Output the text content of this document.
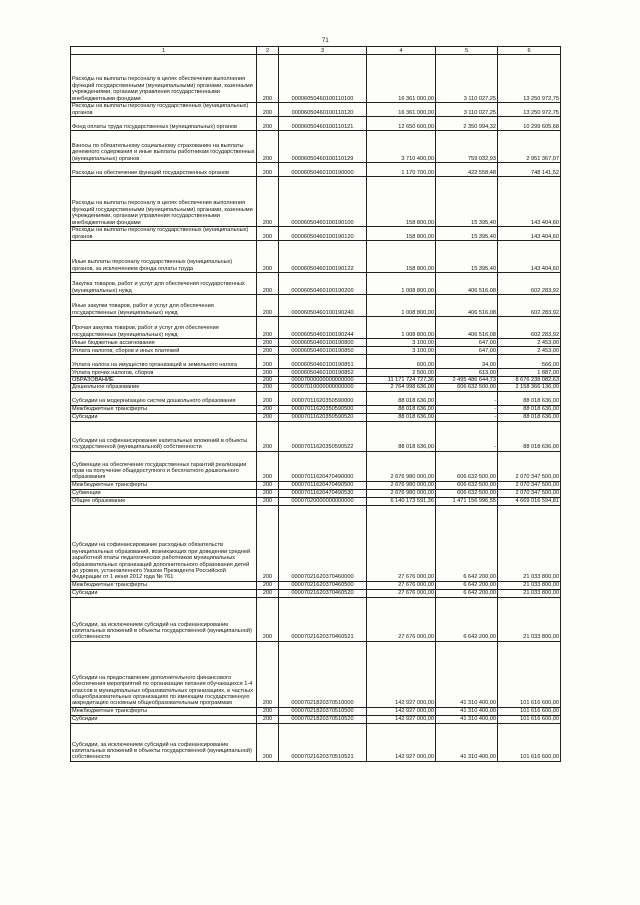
71
1	2	3	4	5	6
Расходы на выплаты персоналу в целях обеспечения выполнения функций государственными (муниципальными) органами, казенными учреждениями, органами управления государственными внебюджетными фондами	200	00006050460100110100	16 361 000,00	3 110 027,25	13 250 972,75
Расходы на выплаты персоналу государственных (муниципальных) органов	200	00006050460100110120	16 361 000,00	3 110 027,25	13 250 972,75
Фонд оплаты труда государственных (муниципальных) органов	200	00006050460100110121	12 650 600,00	2 350 994,32	10 299 605,68
Взносы по обязательному социальному страхованию на выплаты денежного содержания и иные выплаты работникам государственных (муниципальных) органов	200	00006050460100110129	3 710 400,00	759 032,93	2 951 367,07
Расходы на обеспечение функций государственных органов	200	00006050460100190000	1 170 700,00	422 558,48	748 141,52
Расходы на выплаты персоналу в целях обеспечения выполнения функций государственными (муниципальными) органами, казенными учреждениями, органами управления государственными внебюджетными фондами	200	00006050460100190100	158 800,00	15 395,40	143 404,60
Расходы на выплаты персоналу государственных (муниципальных) органов	200	00006050460100190120	158 800,00	15 395,40	143 404,60
Иные выплаты персоналу государственных (муниципальных) органов, за исключением фонда оплаты труда	200	00006050460100190122	158 800,00	15 395,40	143 404,60
Закупка товаров, работ и услуг для обеспечения государственных (муниципальных) нужд	200	00006050460100190200	1 008 800,00	406 516,08	602 283,92
Иные закупки товаров, работ и услуг для обеспечения государственных (муниципальных) нужд	200	00006050460100190240	1 008 800,00	406 516,08	602 283,92
Прочая закупка товаров, работ и услуг для обеспечения государственных (муниципальных) нужд	200	00006050460100190244	1 008 800,00	406 516,08	602 283,92
Иные бюджетные ассигнования	200	00006050460100190800	3 100,00	647,00	2 453,00
Уплата налогов, сборов и иных платежей	200	00006050460100190850	3 100,00	647,00	2 453,00
Уплата налога на имущество организаций и земельного налога	200	00006050460100190851	600,00	34,00	566,00
Уплата прочих налогов, сборов	200	00006050460100190852	2 500,00	613,00	1 887,00
ОБРАЗОВАНИЕ	200	00007000000000000000	11 171 724 727,36	2 495 486 644,73	8 676 238 082,63
Дошкольное образование	200	00007010000000000000	2 764 998 636,00	606 632 500,00	2 158 366 136,00
Субсидии на модернизацию систем дошкольного образования	200	00007011620350590000	88 018 636,00	-	88 018 636,00
Межбюджетные трансферты	200	00007011620350590500	88 018 636,00	-	88 018 636,00
Субсидии	200	00007011620350590520	88 018 636,00	-	88 018 636,00
Субсидии на софинансирование капитальных вложений в объекты государственной (муниципальной) собственности	200	00007011620350590522	88 018 636,00	-	88 018 636,00
Субвенции на обеспечение государственных гарантий реализации прав на получение общедоступного и бесплатного дошкольного образования	200	00007011620470490000	2 676 980 000,00	606 632 500,00	2 070 347 500,00
Межбюджетные трансферты	200	00007011620470490500	2 676 980 000,00	606 632 500,00	2 070 347 500,00
Субвенции	200	00007011620470490530	2 676 980 000,00	606 632 500,00	2 070 347 500,00
Общее образование	200	00007020000000000000	6 140 173 591,36	1 471 156 996,55	4 669 016 594,81
Субсидии на софинансирование расходных обязательств муниципальных образований, возникающих при доведении средней заработной платы педагогических работников муниципальных образовательных организаций дополнительного образования детей до уровня, установленного Указом Президента Российской Федерации от 1 июня 2012 года № 761	200	00007021620370460000	27 676 000,00	6 642 200,00	21 033 800,00
Межбюджетные трансферты	200	00007021620370460500	27 676 000,00	6 642 200,00	21 033 800,00
Субсидии	200	00007021620370460520	27 676 000,00	6 642 200,00	21 033 800,00
Субсидии, за исключением субсидий на софинансирование капитальных вложений в объекты государственной (муниципальной) собственности	200	00007021620370460521	27 676 000,00	6 642 200,00	21 033 800,00
Субсидии на предоставление дополнительного финансового обеспечения мероприятий по организации питания обучающихся 1-4 классов в муниципальных образовательных организациях, в частных общеобразовательных организациях по имеющим государственную аккредитацию основным общеобразовательным программам	200	00007021820370510000	142 927 000,00	41 310 400,00	101 616 600,00
Межбюджетные трансферты	200	00007021820370510500	142 927 000,00	41 310 400,00	101 616 600,00
Субсидии	200	00007021820370510520	142 927 000,00	41 310 400,00	101 616 600,00
Субсидии, за исключением субсидий на софинансирование капитальных вложений в объекты государственной (муниципальной) собственности	200	00007021620370510521	142 927 000,00	41 310 400,00	101 616 600,00
